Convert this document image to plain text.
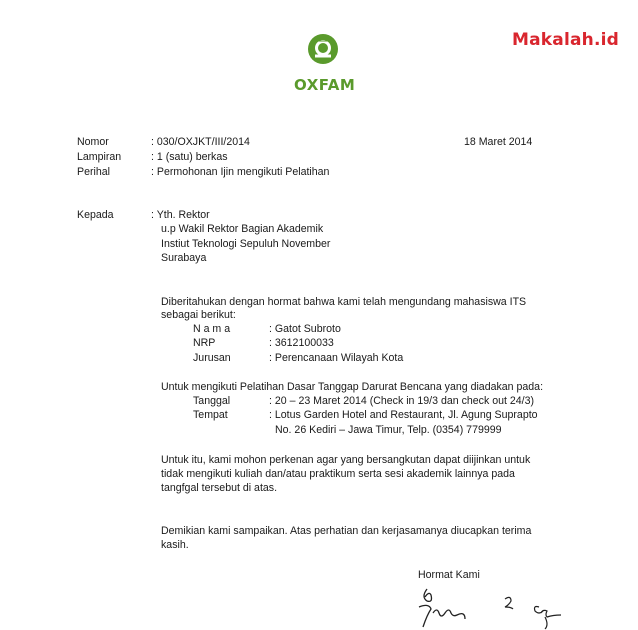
Makalah.id
OXFAM
Nomor	: 030/OXJKT/III/2014	18 Maret 2014
Lampiran	: 1 (satu) berkas
Perihal	: Permohonan Ijin mengikuti Pelatihan
Kepada	: Yth. Rektor
u.p Wakil Rektor Bagian Akademik
Instiut Teknologi Sepuluh November
Surabaya
Diberitahukan dengan hormat bahwa kami telah mengundang mahasiswa ITS
sebagai berikut:
N a m a	: Gatot Subroto
NRP	: 3612100033
Jurusan	: Perencanaan Wilayah Kota
Untuk mengikuti Pelatihan Dasar Tanggap Darurat Bencana yang diadakan pada:
Tanggal	: 20 – 23 Maret 2014 (Check in 19/3 dan check out 24/3)
Tempat	: Lotus Garden Hotel and Restaurant, Jl. Agung Suprapto
No. 26 Kediri – Jawa Timur, Telp. (0354) 779999
Untuk itu, kami mohon perkenan agar yang bersangkutan dapat diijinkan untuk
tidak mengikuti kuliah dan/atau praktikum serta sesi akademik lainnya pada
tangfgal tersebut di atas.
Demikian kami sampaikan. Atas perhatian dan kerjasamanya diucapkan terima
kasih.
Hormat Kami
